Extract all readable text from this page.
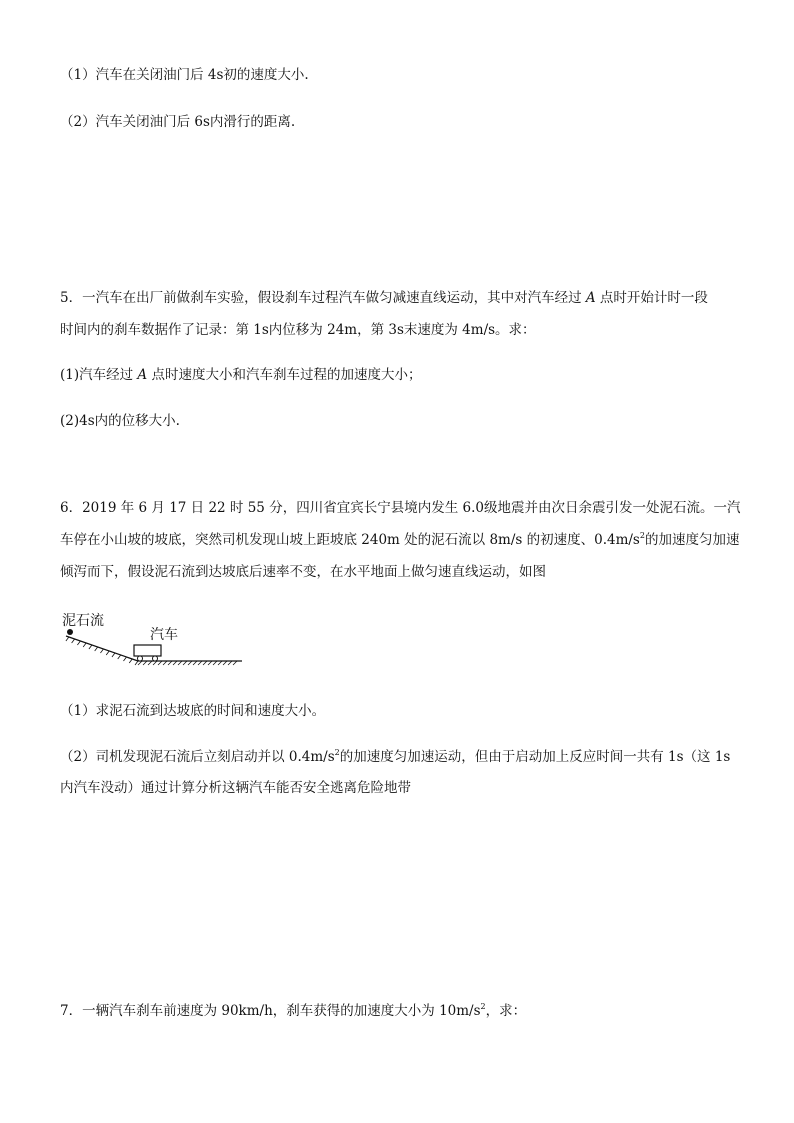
（1）汽车在关闭油门后 4s初的速度大小.
（2）汽车关闭油门后 6s内滑行的距离.
5．一汽车在出厂前做刹车实验，假设刹车过程汽车做匀减速直线运动，其中对汽车经过 A 点时开始计时一段
时间内的刹车数据作了记录：第 1s内位移为 24m，第 3s末速度为 4m/s。求：
(1)汽车经过 A 点时速度大小和汽车刹车过程的加速度大小；
(2)4s内的位移大小.
6．2019 年 6 月 17 日 22 时 55 分，四川省宜宾长宁县境内发生 6.0级地震并由次日余震引发一处泥石流。一汽
车停在小山坡的坡底，突然司机发现山坡上距坡底 240m 处的泥石流以 8m/s 的初速度、$0.4m/s^2$的加速度匀加速
倾泻而下，假设泥石流到达坡底后速率不变，在水平地面上做匀速直线运动，如图
泥石流
汽车
（1）求泥石流到达坡底的时间和速度大小。
（2）司机发现泥石流后立刻启动并以 $0.4m/s^2$的加速度匀加速运动，但由于启动加上反应时间一共有 1s（这 1s
内汽车没动）通过计算分析这辆汽车能否安全逃离危险地带
7．一辆汽车刹车前速度为 90km/h，刹车获得的加速度大小为 $10m/s^2$，求：
